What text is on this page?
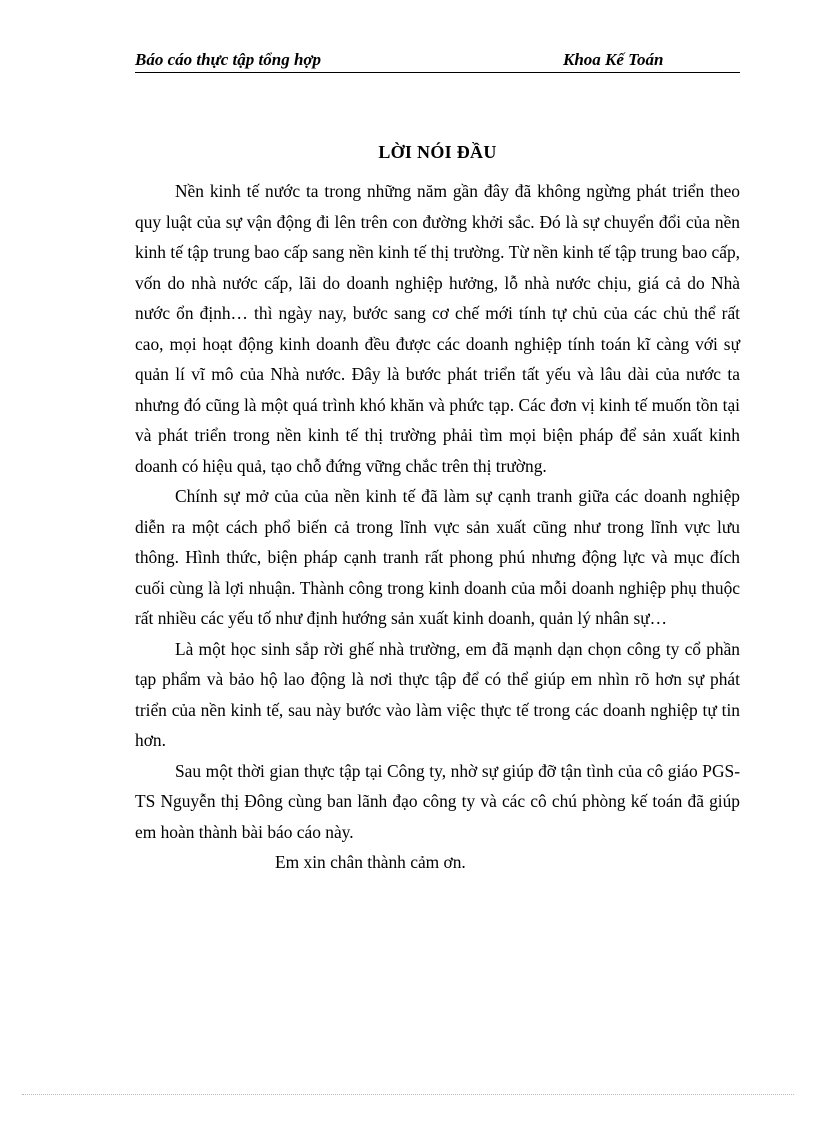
Báo cáo thực tập tổng hợp	Khoa Kế Toán
LỜI NÓI ĐẦU

Nền kinh tế nước ta trong những năm gần đây đã không ngừng phát triển theo quy luật của sự vận động đi lên trên con đường khởi sắc. Đó là sự chuyển đổi của nền kinh tế tập trung bao cấp sang nền kinh tế thị trường. Từ nền kinh tế tập trung bao cấp, vốn do nhà nước cấp, lãi do doanh nghiệp hưởng, lỗ nhà nước chịu, giá cả do Nhà nước ổn định… thì ngày nay, bước sang cơ chế mới tính tự chủ của các chủ thể rất cao, mọi hoạt động kinh doanh đều được các doanh nghiệp tính toán kĩ càng với sự quản lí vĩ mô của Nhà nước. Đây là bước phát triển tất yếu và lâu dài của nước ta nhưng đó cũng là một quá trình khó khăn và phức tạp. Các đơn vị kinh tế muốn tồn tại và phát triển trong nền kinh tế thị trường phải tìm mọi biện pháp để sản xuất kinh doanh có hiệu quả, tạo chỗ đứng vững chắc trên thị trường.

Chính sự mở của của nền kinh tế đã làm sự cạnh tranh giữa các doanh nghiệp diễn ra một cách phổ biến cả trong lĩnh vực sản xuất cũng như trong lĩnh vực lưu thông. Hình thức, biện pháp cạnh tranh rất phong phú nhưng động lực và mục đích cuối cùng là lợi nhuận. Thành công trong kinh doanh của mỗi doanh nghiệp phụ thuộc rất nhiều các yếu tố như định hướng sản xuất kinh doanh, quản lý nhân sự…

Là một học sinh sắp rời ghế nhà trường, em đã mạnh dạn chọn công ty cổ phần tạp phẩm và bảo hộ lao động là nơi thực tập để có thể giúp em nhìn rõ hơn sự phát triển của nền kinh tế, sau này bước vào làm việc thực tế trong các doanh nghiệp tự tin hơn.

Sau một thời gian thực tập tại Công ty, nhờ sự giúp đỡ tận tình của cô giáo PGS-TS Nguyễn thị Đông cùng ban lãnh đạo công ty và các cô chú phòng kế toán đã giúp em hoàn thành bài báo cáo này.

Em xin chân thành cảm ơn.
